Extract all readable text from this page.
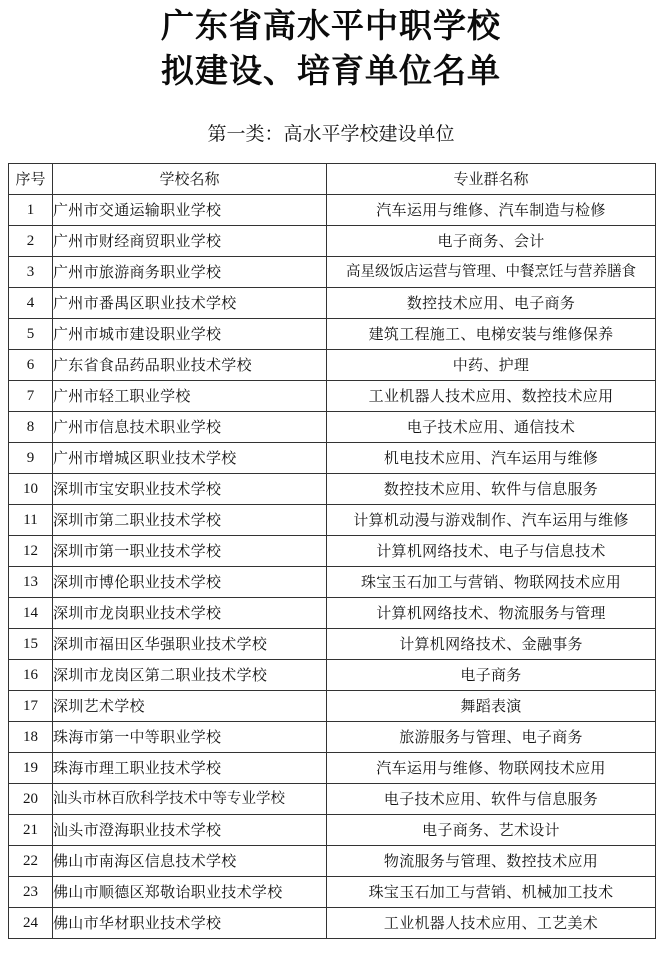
广东省高水平中职学校
拟建设、培育单位名单
第一类：高水平学校建设单位
序号	学校名称	专业群名称
1	广州市交通运输职业学校	汽车运用与维修、汽车制造与检修
2	广州市财经商贸职业学校	电子商务、会计
3	广州市旅游商务职业学校	高星级饭店运营与管理、中餐烹饪与营养膳食
4	广州市番禺区职业技术学校	数控技术应用、电子商务
5	广州市城市建设职业学校	建筑工程施工、电梯安装与维修保养
6	广东省食品药品职业技术学校	中药、护理
7	广州市轻工职业学校	工业机器人技术应用、数控技术应用
8	广州市信息技术职业学校	电子技术应用、通信技术
9	广州市增城区职业技术学校	机电技术应用、汽车运用与维修
10	深圳市宝安职业技术学校	数控技术应用、软件与信息服务
11	深圳市第二职业技术学校	计算机动漫与游戏制作、汽车运用与维修
12	深圳市第一职业技术学校	计算机网络技术、电子与信息技术
13	深圳市博伦职业技术学校	珠宝玉石加工与营销、物联网技术应用
14	深圳市龙岗职业技术学校	计算机网络技术、物流服务与管理
15	深圳市福田区华强职业技术学校	计算机网络技术、金融事务
16	深圳市龙岗区第二职业技术学校	电子商务
17	深圳艺术学校	舞蹈表演
18	珠海市第一中等职业学校	旅游服务与管理、电子商务
19	珠海市理工职业技术学校	汽车运用与维修、物联网技术应用
20	汕头市林百欣科学技术中等专业学校	电子技术应用、软件与信息服务
21	汕头市澄海职业技术学校	电子商务、艺术设计
22	佛山市南海区信息技术学校	物流服务与管理、数控技术应用
23	佛山市顺德区郑敬诒职业技术学校	珠宝玉石加工与营销、机械加工技术
24	佛山市华材职业技术学校	工业机器人技术应用、工艺美术
